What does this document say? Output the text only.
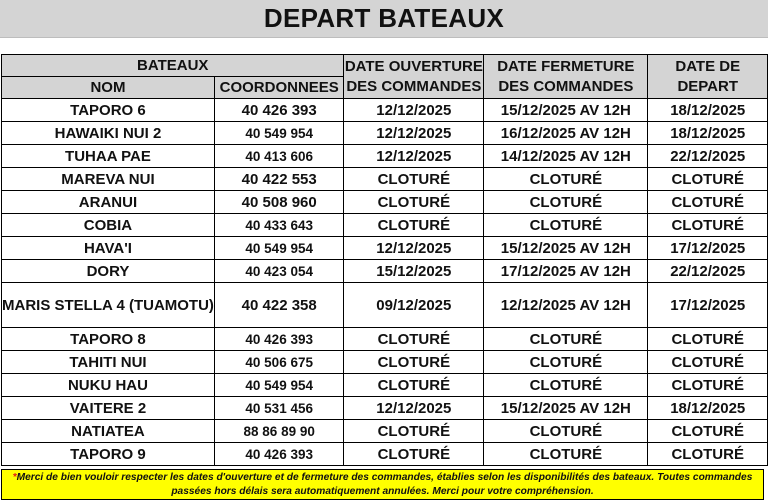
DEPART BATEAUX
BATEAUX		DATE OUVERTURE DES COMMANDES	DATE FERMETURE DES COMMANDES	DATE DE DEPART
NOM	COORDONNEES			
TAPORO 6	40 426 393	12/12/2025	15/12/2025 AV 12H	18/12/2025
HAWAIKI NUI 2	40 549 954	12/12/2025	16/12/2025 AV 12H	18/12/2025
TUHAA PAE	40 413 606	12/12/2025	14/12/2025 AV 12H	22/12/2025
MAREVA NUI	40 422 553	CLOTURÉ	CLOTURÉ	CLOTURÉ
ARANUI	40 508 960	CLOTURÉ	CLOTURÉ	CLOTURÉ
COBIA	40 433 643	CLOTURÉ	CLOTURÉ	CLOTURÉ
HAVA'I	40 549 954	12/12/2025	15/12/2025 AV 12H	17/12/2025
DORY	40 423 054	15/12/2025	17/12/2025 AV 12H	22/12/2025
MARIS STELLA 4 (TUAMOTU)	40 422 358	09/12/2025	12/12/2025 AV 12H	17/12/2025
TAPORO 8	40 426 393	CLOTURÉ	CLOTURÉ	CLOTURÉ
TAHITI NUI	40 506 675	CLOTURÉ	CLOTURÉ	CLOTURÉ
NUKU HAU	40 549 954	CLOTURÉ	CLOTURÉ	CLOTURÉ
VAITERE 2	40 531 456	12/12/2025	15/12/2025 AV 12H	18/12/2025
NATIATEA	88 86 89 90	CLOTURÉ	CLOTURÉ	CLOTURÉ
TAPORO 9	40 426 393	CLOTURÉ	CLOTURÉ	CLOTURÉ
*Merci de bien vouloir respecter les dates d'ouverture et de fermeture des commandes, établies selon les disponibilités des bateaux. Toutes commandes passées hors délais sera automatiquement annulées. Merci pour votre compréhension.
